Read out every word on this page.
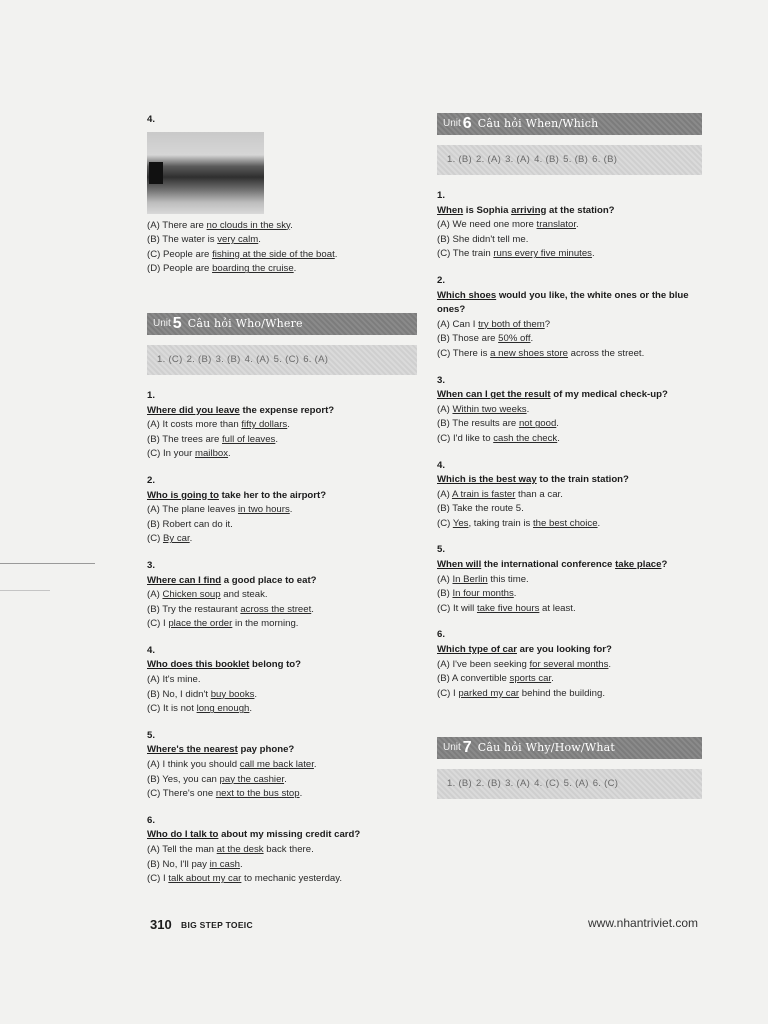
4.

(A) There are no clouds in the sky.

(B) The water is very calm.

(C) People are fishing at the side of the boat.

(D) People are boarding the cruise.

Unit 5 Câu hỏi Who/Where
1. (C) 2. (B) 3. (B) 4. (A) 5. (C) 6. (A)

1.

Where did you leave the expense report?

(A) It costs more than fifty dollars.

(B) The trees are full of leaves.

(C) In your mailbox.

2.

Who is going to take her to the airport?

(A) The plane leaves in two hours.

(B) Robert can do it.

(C) By car.

3.

Where can I find a good place to eat?

(A) Chicken soup and steak.

(B) Try the restaurant across the street.

(C) I place the order in the morning.

4.

Who does this booklet belong to?

(A) It's mine.

(B) No, I didn't buy books.

(C) It is not long enough.

5.

Where's the nearest pay phone?

(A) I think you should call me back later.

(B) Yes, you can pay the cashier.

(C) There's one next to the bus stop.

6.

Who do I talk to about my missing credit card?

(A) Tell the man at the desk back there.

(B) No, I'll pay in cash.

(C) I talk about my car to mechanic yesterday.

Unit 6 Câu hỏi When/Which
1. (B) 2. (A) 3. (A) 4. (B) 5. (B) 6. (B)

1.

When is Sophia arriving at the station?

(A) We need one more translator.

(B) She didn't tell me.

(C) The train runs every five minutes.

2.

Which shoes would you like, the white ones or the blue ones?

(A) Can I try both of them?

(B) Those are 50% off.

(C) There is a new shoes store across the street.

3.

When can I get the result of my medical check-up?

(A) Within two weeks.

(B) The results are not good.

(C) I'd like to cash the check.

4.

Which is the best way to the train station?

(A) A train is faster than a car.

(B) Take the route 5.

(C) Yes, taking train is the best choice.

5.

When will the international conference take place?

(A) In Berlin this time.

(B) In four months.

(C) It will take five hours at least.

6.

Which type of car are you looking for?

(A) I've been seeking for several months.

(B) A convertible sports car.

(C) I parked my car behind the building.

Unit 7 Câu hỏi Why/How/What
1. (B) 2. (B) 3. (A) 4. (C) 5. (A) 6. (C)
310 BIG STEP TOEIC	www.nhantriviet.com
